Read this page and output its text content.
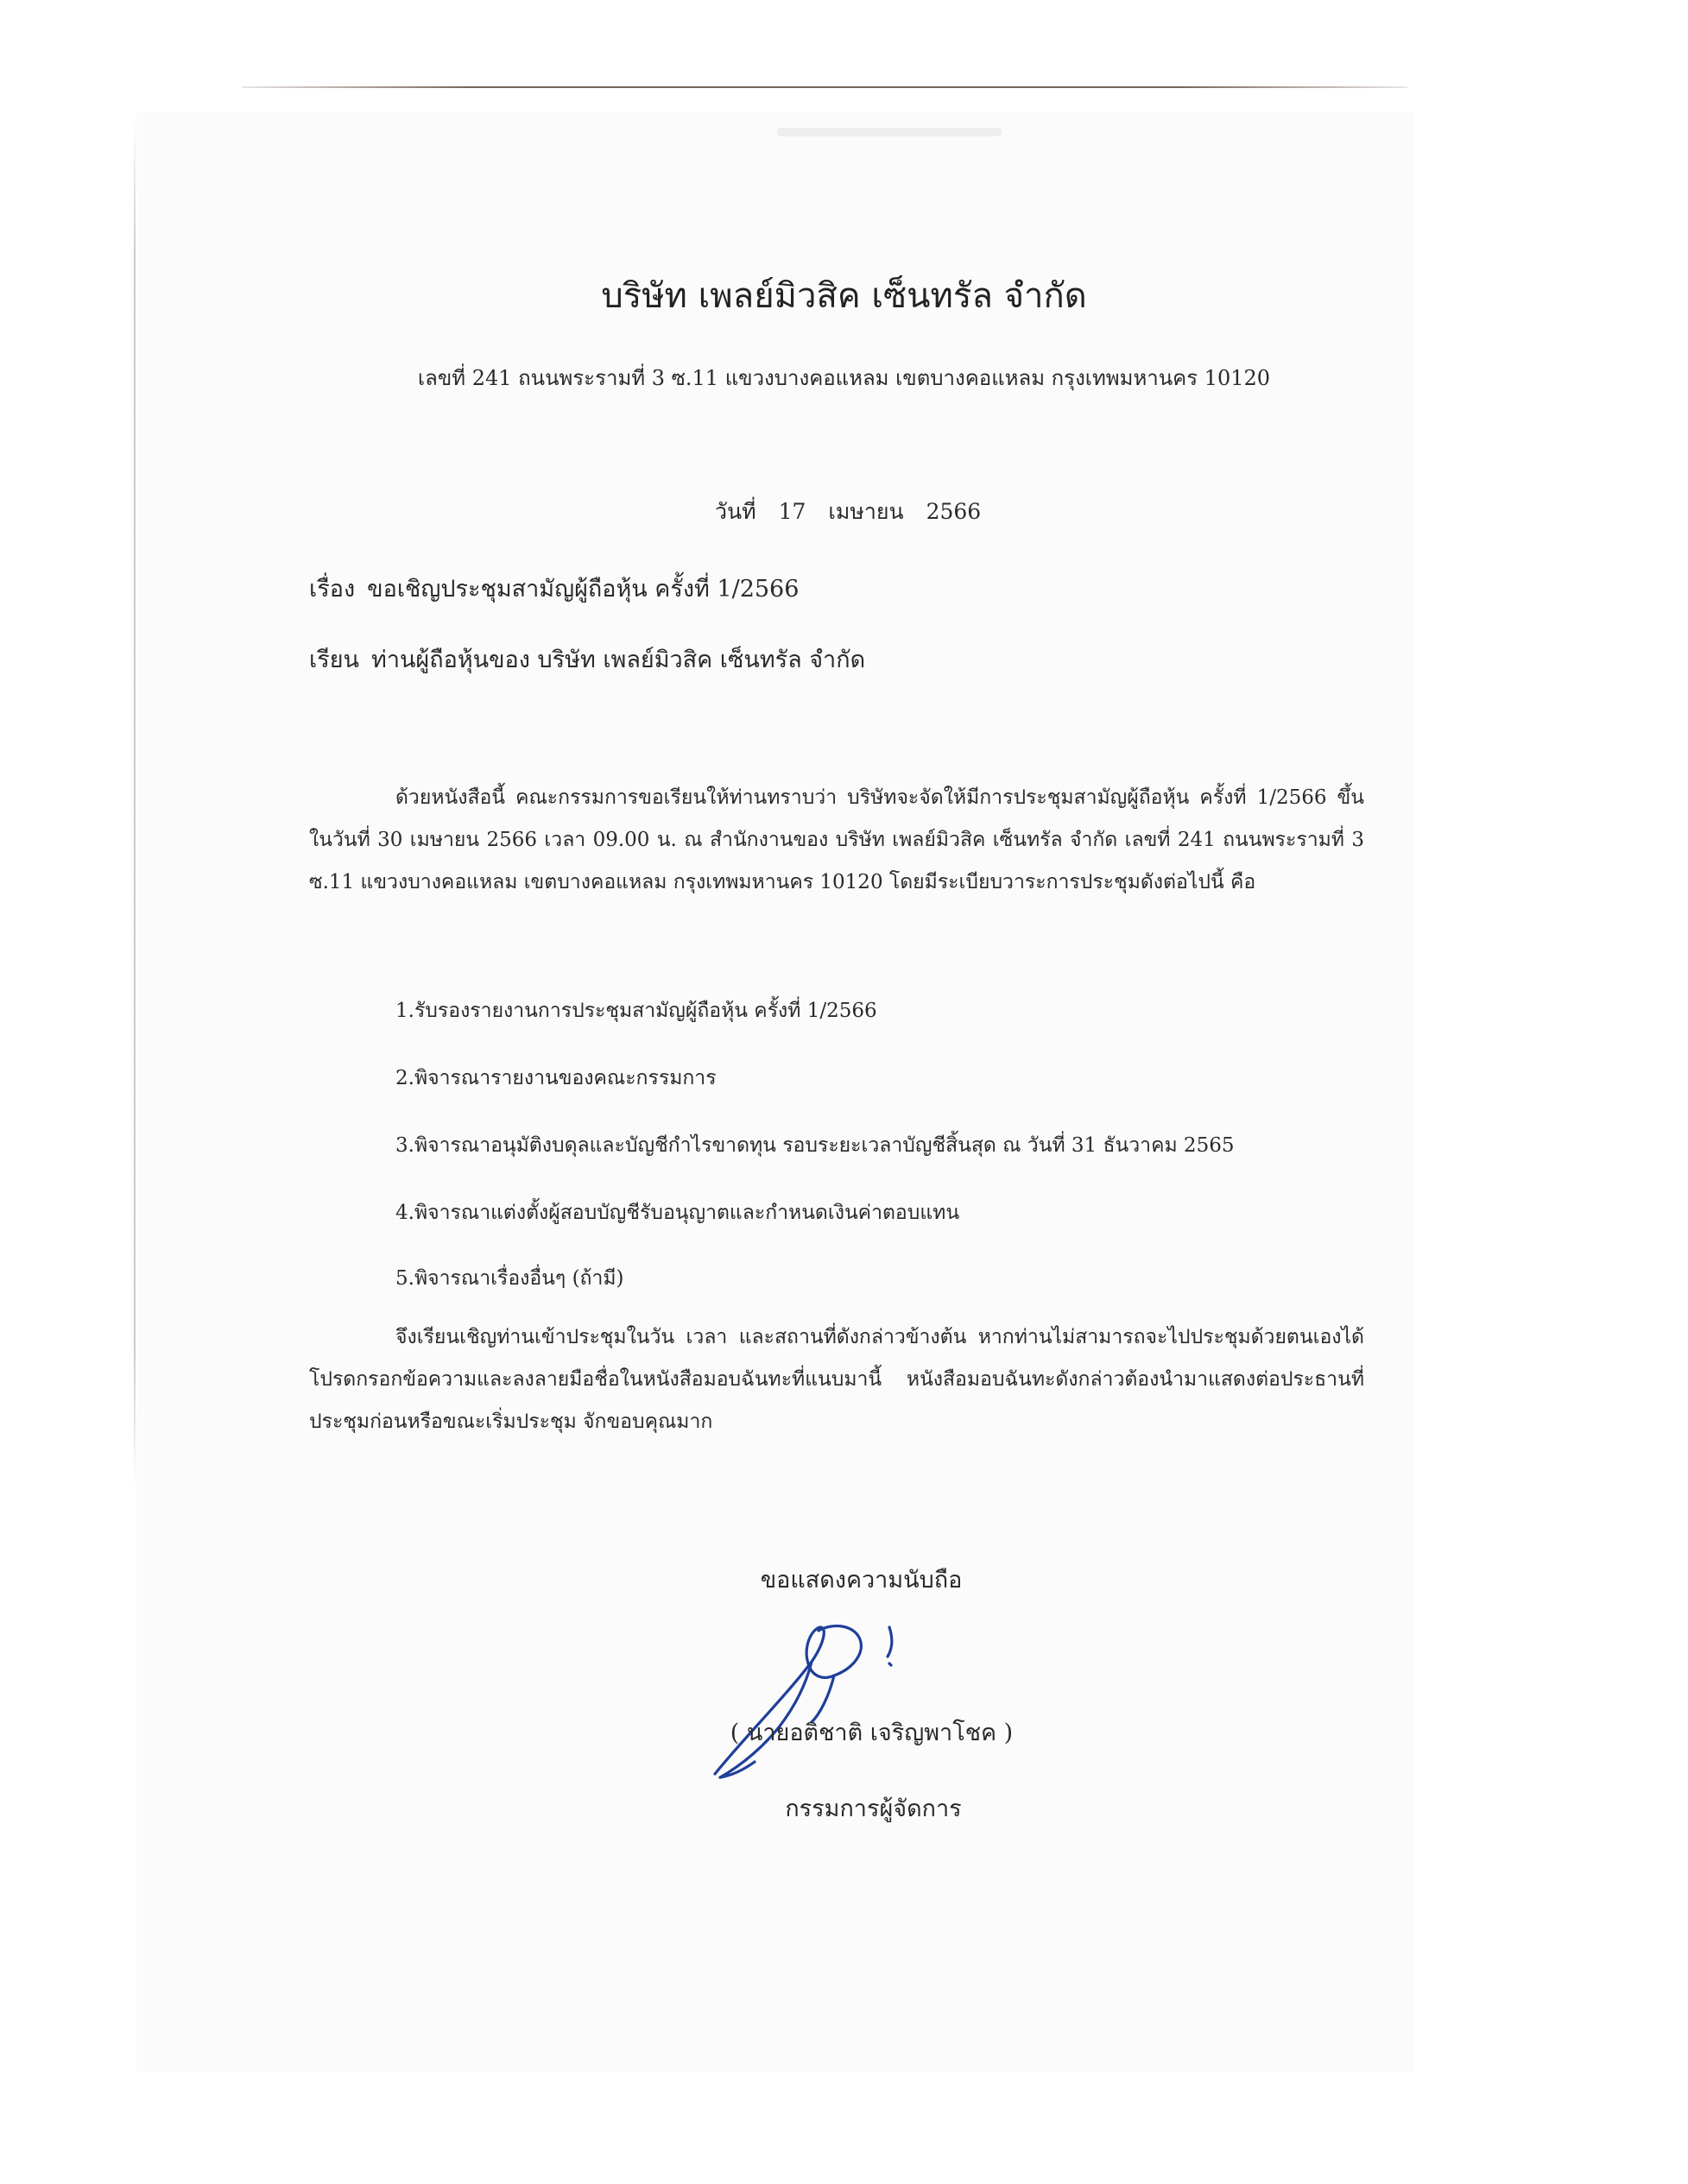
บริษัท เพลย์มิวสิค เซ็นทรัล จำกัด
เลขที่ 241 ถนนพระรามที่ 3 ซ.11 แขวงบางคอแหลม เขตบางคอแหลม กรุงเทพมหานคร 10120
วันที่ 17 เมษายน 2566
เรื่อง ขอเชิญประชุมสามัญผู้ถือหุ้น ครั้งที่ 1/2566
เรียน ท่านผู้ถือหุ้นของ บริษัท เพลย์มิวสิค เซ็นทรัล จำกัด
ด้วยหนังสือนี้ คณะกรรมการขอเรียนให้ท่านทราบว่า บริษัทจะจัดให้มีการประชุมสามัญผู้ถือหุ้น ครั้งที่ 1/2566 ขึ้นในวันที่ 30 เมษายน 2566 เวลา 09.00 น. ณ สำนักงานของ บริษัท เพลย์มิวสิค เซ็นทรัล จำกัด เลขที่ 241 ถนนพระรามที่ 3 ซ.11 แขวงบางคอแหลม เขตบางคอแหลม กรุงเทพมหานคร 10120 โดยมีระเบียบวาระการประชุมดังต่อไปนี้ คือ
1.รับรองรายงานการประชุมสามัญผู้ถือหุ้น ครั้งที่ 1/2566
2.พิจารณารายงานของคณะกรรมการ
3.พิจารณาอนุมัติงบดุลและบัญชีกำไรขาดทุน รอบระยะเวลาบัญชีสิ้นสุด ณ วันที่ 31 ธันวาคม 2565
4.พิจารณาแต่งตั้งผู้สอบบัญชีรับอนุญาตและกำหนดเงินค่าตอบแทน
5.พิจารณาเรื่องอื่นๆ (ถ้ามี)
จึงเรียนเชิญท่านเข้าประชุมในวัน เวลา และสถานที่ดังกล่าวข้างต้น หากท่านไม่สามารถจะไปประชุมด้วยตนเองได้ โปรดกรอกข้อความและลงลายมือชื่อในหนังสือมอบฉันทะที่แนบมานี้ หนังสือมอบฉันทะดังกล่าวต้องนำมาแสดงต่อประธานที่ประชุมก่อนหรือขณะเริ่มประชุม จักขอบคุณมาก
ขอแสดงความนับถือ
( นายอติชาติ เจริญพาโชค )
กรรมการผู้จัดการ
